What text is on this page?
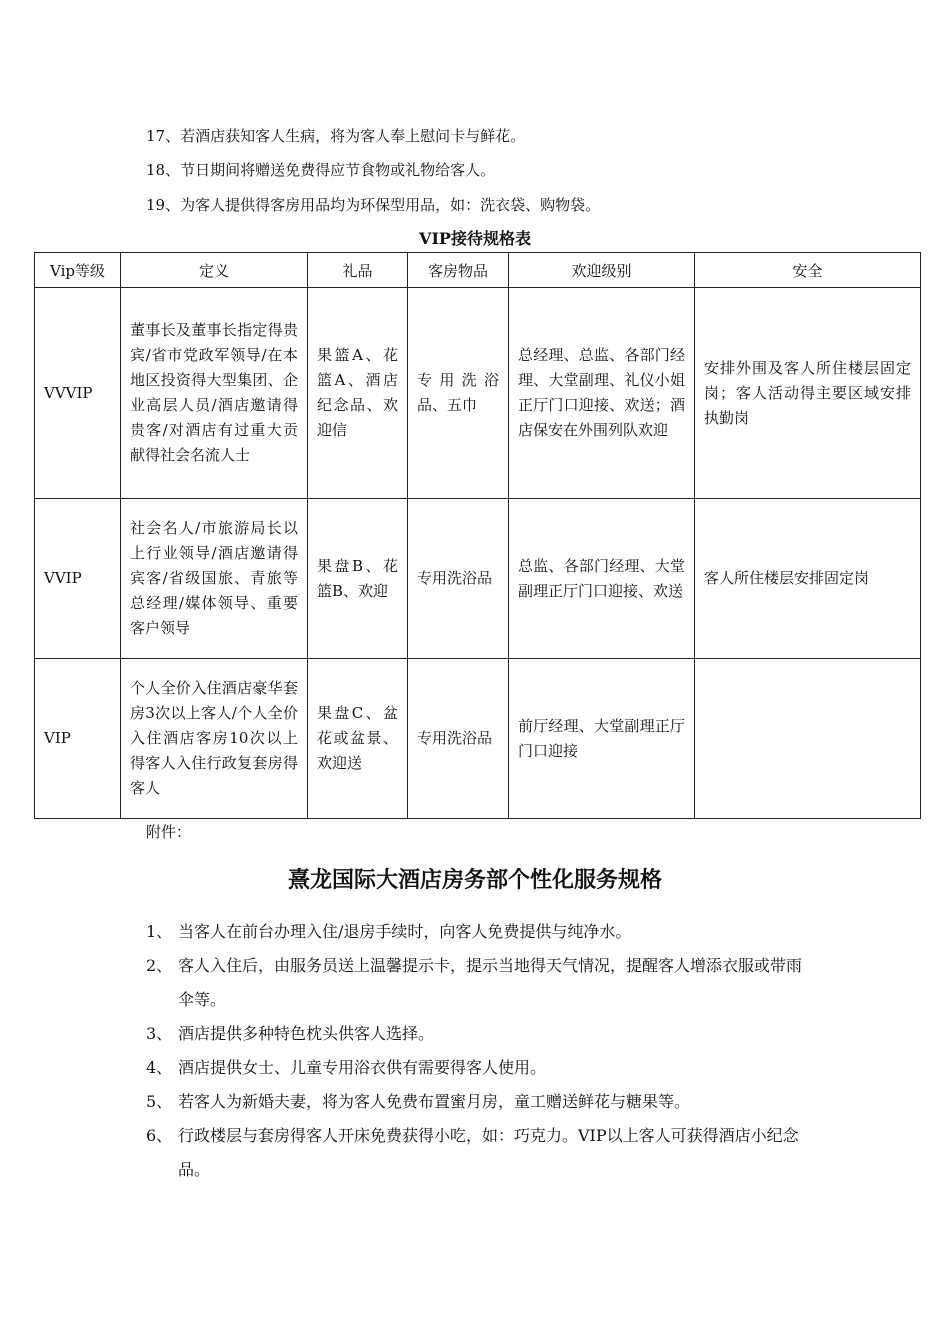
17、若酒店获知客人生病，将为客人奉上慰问卡与鲜花。
18、节日期间将赠送免费得应节食物或礼物给客人。
19、为客人提供得客房用品均为环保型用品，如：洗衣袋、购物袋。
VIP接待规格表
Vip等级	定义	礼品	客房物品	欢迎级别	安全
VVVIP	董事长及董事长指定得贵宾/省市党政军领导/在本地区投资得大型集团、企业高层人员/酒店邀请得贵客/对酒店有过重大贡献得社会名流人士	果篮A、花篮A、酒店纪念品、欢迎信	专用洗浴品、五巾	总经理、总监、各部门经理、大堂副理、礼仪小姐正厅门口迎接、欢送；酒店保安在外围列队欢迎	安排外围及客人所住楼层固定岗；客人活动得主要区域安排执勤岗
VVIP	社会名人/市旅游局长以上行业领导/酒店邀请得宾客/省级国旅、青旅等总经理/媒体领导、重要客户领导	果盘B、花篮B、欢迎	专用洗浴品	总监、各部门经理、大堂副理正厅门口迎接、欢送	客人所住楼层安排固定岗
VIP	个人全价入住酒店豪华套房3次以上客人/个人全价入住酒店客房10次以上得客人入住行政复套房得客人	果盘C、盆花或盆景、欢迎送	专用洗浴品	前厅经理、大堂副理正厅门口迎接	
附件：
熹龙国际大酒店房务部个性化服务规格
1、 当客人在前台办理入住/退房手续时，向客人免费提供与纯净水。
2、 客人入住后，由服务员送上温馨提示卡，提示当地得天气情况，提醒客人增添衣服或带雨伞等。
3、 酒店提供多种特色枕头供客人选择。
4、 酒店提供女士、儿童专用浴衣供有需要得客人使用。
5、 若客人为新婚夫妻，将为客人免费布置蜜月房，童工赠送鲜花与糖果等。
6、 行政楼层与套房得客人开床免费获得小吃，如：巧克力。VIP以上客人可获得酒店小纪念品。
